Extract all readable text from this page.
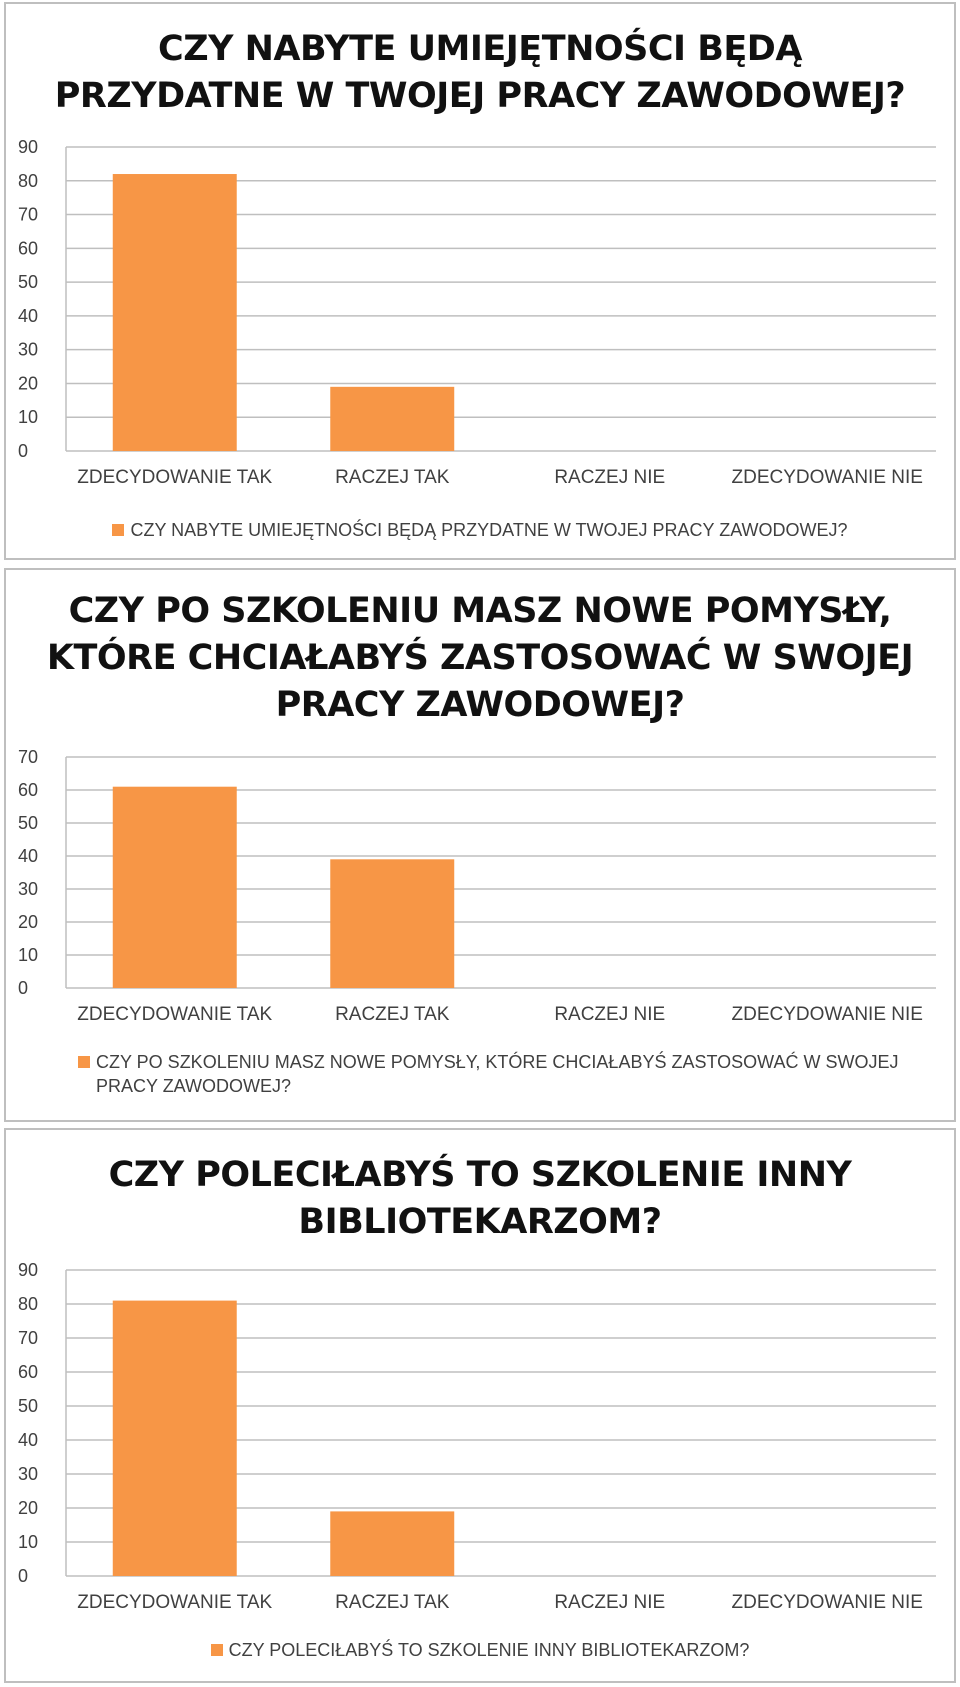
CZY NABYTE UMIEJĘTNOŚCI BĘDĄ
PRZYDATNE W TWOJEJ PRACY ZAWODOWEJ?
0
10
20
30
40
50
60
70
80
90
ZDECYDOWANIE TAK	RACZEJ TAK	RACZEJ NIE	ZDECYDOWANIE NIE
CZY NABYTE UMIEJĘTNOŚCI BĘDĄ PRZYDATNE W TWOJEJ PRACY ZAWODOWEJ?
CZY PO SZKOLENIU MASZ NOWE POMYSŁY,
KTÓRE CHCIAŁABYŚ ZASTOSOWAĆ W SWOJEJ
PRACY ZAWODOWEJ?
0
10
20
30
40
50
60
70
ZDECYDOWANIE TAK	RACZEJ TAK	RACZEJ NIE	ZDECYDOWANIE NIE
CZY PO SZKOLENIU MASZ NOWE POMYSŁY, KTÓRE CHCIAŁABYŚ ZASTOSOWAĆ W SWOJEJ PRACY ZAWODOWEJ?
CZY POLECIŁABYŚ TO SZKOLENIE INNY
BIBLIOTEKARZOM?
0
10
20
30
40
50
60
70
80
90
ZDECYDOWANIE TAK	RACZEJ TAK	RACZEJ NIE	ZDECYDOWANIE NIE
CZY POLECIŁABYŚ TO SZKOLENIE INNY BIBLIOTEKARZOM?
